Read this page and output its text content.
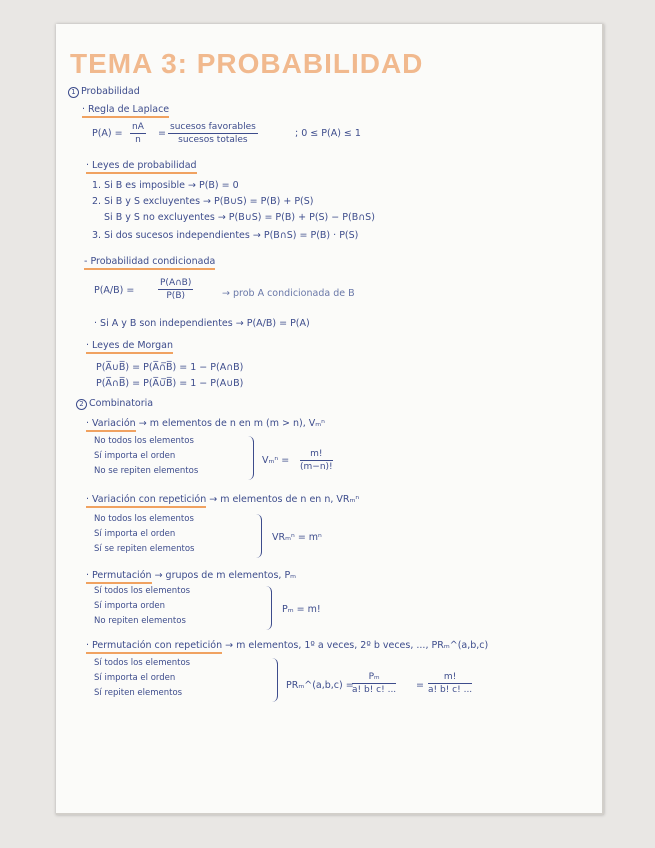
TEMA 3: PROBABILIDAD
1 Probabilidad
· Regla de Laplace
$P(A) = \frac{nA}{n}$ =
sucesos favorables
sucesos totales
; 0 ≤ P(A) ≤ 1
· Leyes de probabilidad
1. Si B es imposible → P(B) = 0
2. Si B y S excluyentes → P(B∪S) = P(B) + P(S)
Si B y S no excluyentes → P(B∪S) = P(B) + P(S) − P(B∩S)
3. Si dos sucesos independientes → P(B∩S) = P(B) · P(S)
- Probabilidad condicionada
P(A/B) =	$\frac{P(A\cap B)}{P(B)}$	→ prob A condicionada de B
· Si A y B son independientes → P(A/B) = P(A)
· Leyes de Morgan
P(A̅∪B̅) = P(A̅∩̅B̅) = 1 − P(A∩B)
P(A̅∩B̅) = P(A̅∪̅B̅) = 1 − P(A∪B)
2 Combinatoria
· Variación → m elementos de n en m (m > n), Vₘⁿ
No todos los elementos
Sí importa el orden
No se repiten elementos
$V_m^n = \frac{m!}{(m-n)!}$
· Variación con repetición → m elementos de n en n, VRₘⁿ
No todos los elementos
Sí importa el orden
Sí se repiten elementos
VRₘⁿ = mⁿ
· Permutación → grupos de m elementos, Pₘ
Sí todos los elementos
Sí importa orden
No repiten elementos
Pₘ = m!
· Permutación con repetición → m elementos, 1º a veces, 2º b veces, ..., PRₘ^(a,b,c)
Sí todos los elementos
Sí importa el orden
Sí repiten elementos
PRₘ^(a,b,c) =
$\frac{\text{Pₘ}}{a! b! c! ...} = \frac{m!}{a! b! c! ...}$
